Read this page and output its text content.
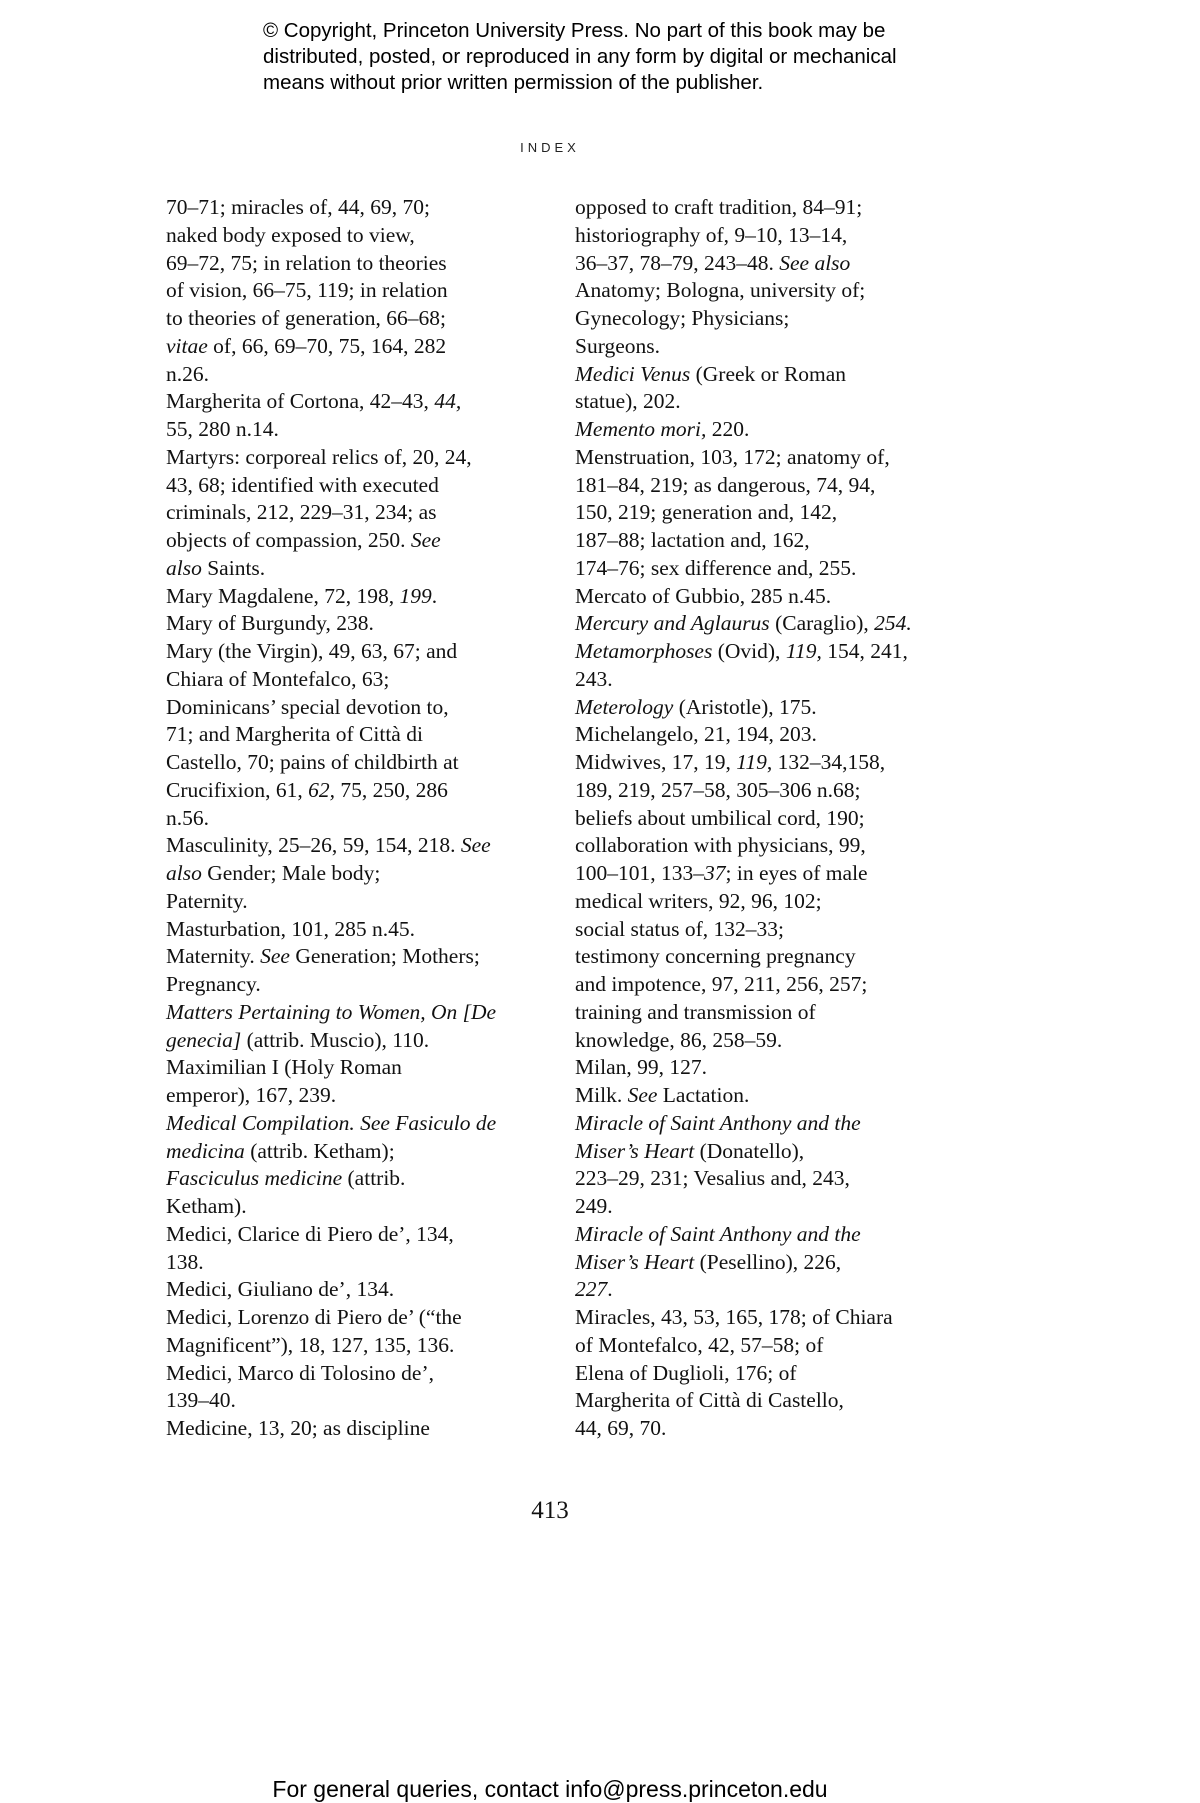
© Copyright, Princeton University Press. No part of this book may be
distributed, posted, or reproduced in any form by digital or mechanical
means without prior written permission of the publisher.
INDEX
70–71; miracles of, 44, 69, 70;
naked body exposed to view,
69–72, 75; in relation to theories
of vision, 66–75, 119; in relation
to theories of generation, 66–68;
vitae of, 66, 69–70, 75, 164, 282
n.26.
Margherita of Cortona, 42–43, 44,
55, 280 n.14.
Martyrs: corporeal relics of, 20, 24,
43, 68; identified with executed
criminals, 212, 229–31, 234; as
objects of compassion, 250. See
also Saints.
Mary Magdalene, 72, 198, 199.
Mary of Burgundy, 238.
Mary (the Virgin), 49, 63, 67; and
Chiara of Montefalco, 63;
Dominicans’ special devotion to,
71; and Margherita of Città di
Castello, 70; pains of childbirth at
Crucifixion, 61, 62, 75, 250, 286
n.56.
Masculinity, 25–26, 59, 154, 218. See
also Gender; Male body;
Paternity.
Masturbation, 101, 285 n.45.
Maternity. See Generation; Mothers;
Pregnancy.
Matters Pertaining to Women, On [De
genecia] (attrib. Muscio), 110.
Maximilian I (Holy Roman
emperor), 167, 239.
Medical Compilation. See Fasiculo de
medicina (attrib. Ketham);
Fasciculus medicine (attrib.
Ketham).
Medici, Clarice di Piero de’, 134,
138.
Medici, Giuliano de’, 134.
Medici, Lorenzo di Piero de’ (“the
Magnificent”), 18, 127, 135, 136.
Medici, Marco di Tolosino de’,
139–40.
Medicine, 13, 20; as discipline
opposed to craft tradition, 84–91;
historiography of, 9–10, 13–14,
36–37, 78–79, 243–48. See also
Anatomy; Bologna, university of;
Gynecology; Physicians;
Surgeons.
Medici Venus (Greek or Roman
statue), 202.
Memento mori, 220.
Menstruation, 103, 172; anatomy of,
181–84, 219; as dangerous, 74, 94,
150, 219; generation and, 142,
187–88; lactation and, 162,
174–76; sex difference and, 255.
Mercato of Gubbio, 285 n.45.
Mercury and Aglaurus (Caraglio), 254.
Metamorphoses (Ovid), 119, 154, 241,
243.
Meterology (Aristotle), 175.
Michelangelo, 21, 194, 203.
Midwives, 17, 19, 119, 132–34,158,
189, 219, 257–58, 305–306 n.68;
beliefs about umbilical cord, 190;
collaboration with physicians, 99,
100–101, 133–37; in eyes of male
medical writers, 92, 96, 102;
social status of, 132–33;
testimony concerning pregnancy
and impotence, 97, 211, 256, 257;
training and transmission of
knowledge, 86, 258–59.
Milan, 99, 127.
Milk. See Lactation.
Miracle of Saint Anthony and the
Miser’s Heart (Donatello),
223–29, 231; Vesalius and, 243,
249.
Miracle of Saint Anthony and the
Miser’s Heart (Pesellino), 226,
227.
Miracles, 43, 53, 165, 178; of Chiara
of Montefalco, 42, 57–58; of
Elena of Duglioli, 176; of
Margherita of Città di Castello,
44, 69, 70.
413
For general queries, contact info@press.princeton.edu
